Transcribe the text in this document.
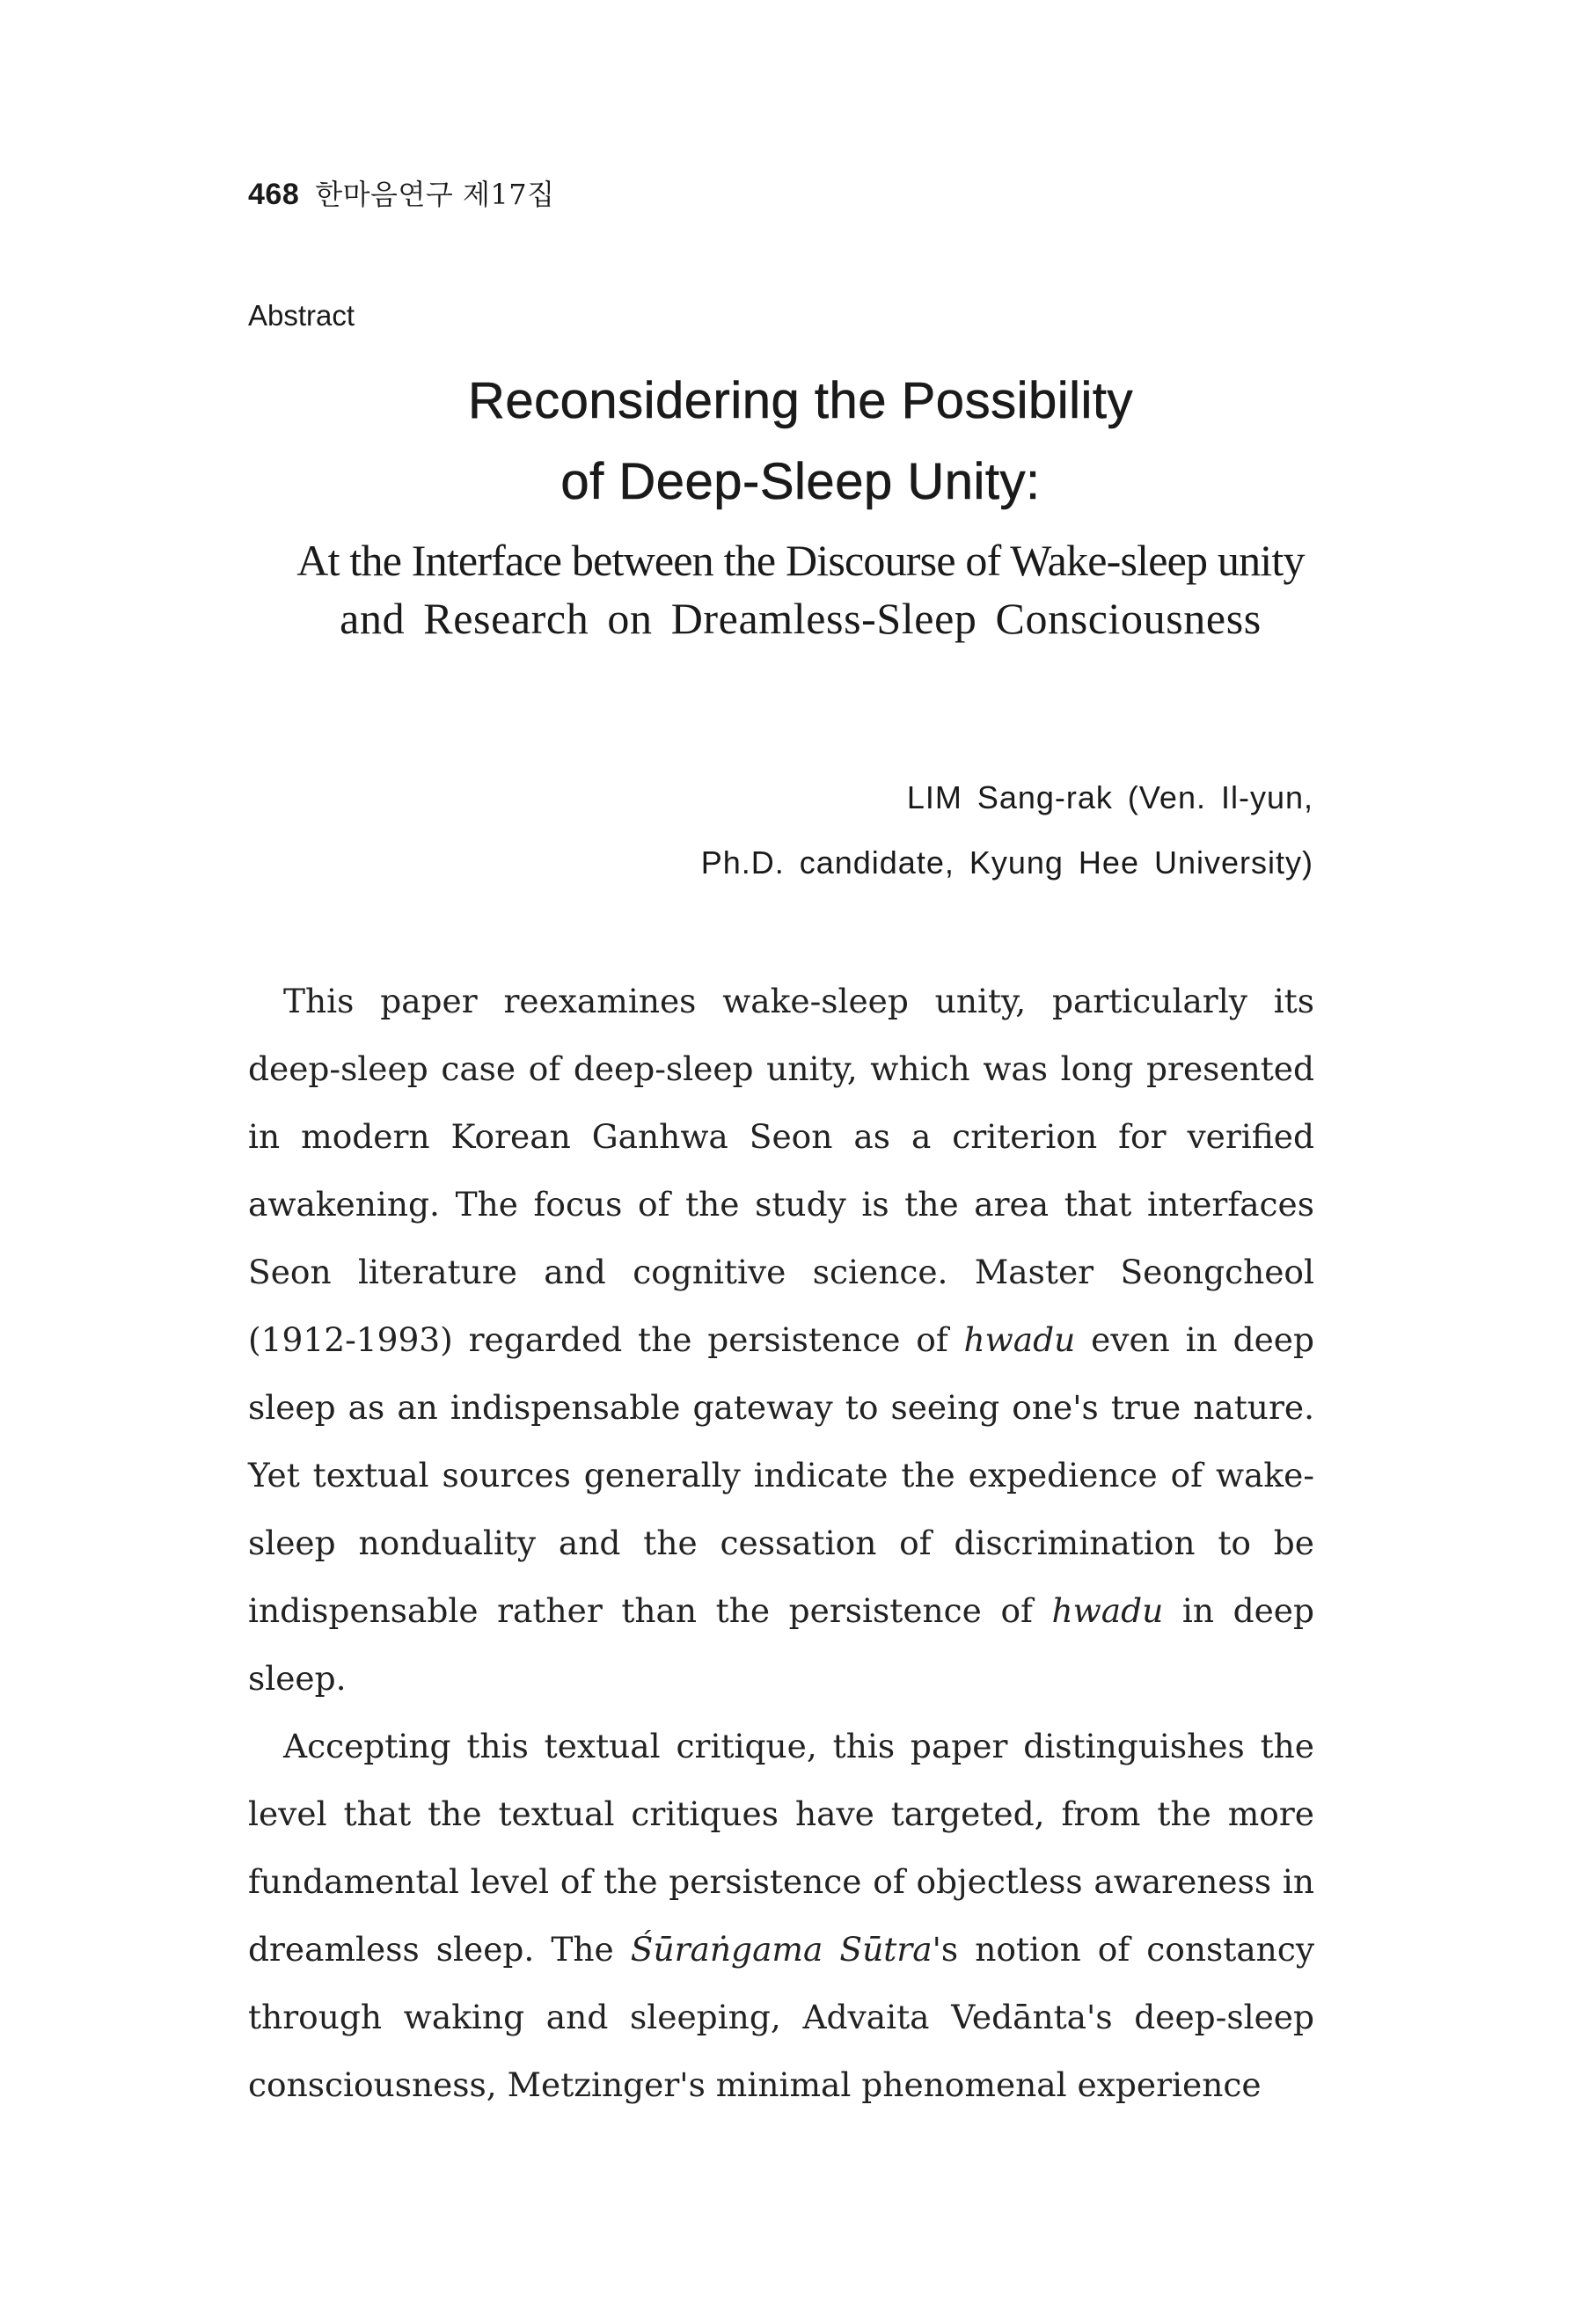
468 한마음연구 제17집
Abstract
Reconsidering the Possibility
of Deep-Sleep Unity:
At the Interface between the Discourse of Wake-sleep unity
and Research on Dreamless-Sleep Consciousness
LIM Sang-rak (Ven. Il-yun,
Ph.D. candidate, Kyung Hee University)

This paper reexamines wake-sleep unity, particularly its deep-sleep case of deep-sleep unity, which was long presented in modern Korean Ganhwa Seon as a criterion for verified awakening. The focus of the study is the area that interfaces Seon literature and cognitive science. Master Seongcheol (1912-1993) regarded the persistence of hwadu even in deep sleep as an indispensable gateway to seeing one's true nature. Yet textual sources generally indicate the expedience of wake-sleep nonduality and the cessation of discrimination to be indispensable rather than the persistence of hwadu in deep sleep.

Accepting this textual critique, this paper distinguishes the level that the textual critiques have targeted, from the more fundamental level of the persistence of objectless awareness in dreamless sleep. The Śūraṅgama Sūtra's notion of constancy through waking and sleeping, Advaita Vedānta's deep-sleep consciousness, Metzinger's minimal phenomenal experience
